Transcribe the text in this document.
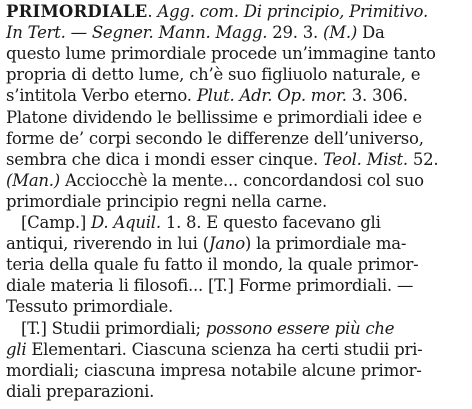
PRIMORDIALE. Agg. com. Di principio, Primitivo.
In Tert. — Segner. Mann. Magg. 29. 3. (M.) Da
questo lume primordiale procede un’immagine tanto
propria di detto lume, ch’è suo figliuolo naturale, e
s’intitola Verbo eterno. Plut. Adr. Op. mor. 3. 306.
Platone dividendo le bellissime e primordiali idee e
forme de’ corpi secondo le differenze dell’universo,
sembra che dica i mondi esser cinque. Teol. Mist. 52.
(Man.) Acciocchè la mente... concordandosi col suo
primordiale principio regni nella carne.
[Camp.] D. Aquil. 1. 8. E questo facevano gli
antiqui, riverendo in lui (Jano) la primordiale ma-
teria della quale fu fatto il mondo, la quale primor-
diale materia li filosofi... [T.] Forme primordiali. —
Tessuto primordiale.
[T.] Studii primordiali; possono essere più che
gli Elementari. Ciascuna scienza ha certi studii pri-
mordiali; ciascuna impresa notabile alcune primor-
diali preparazioni.
